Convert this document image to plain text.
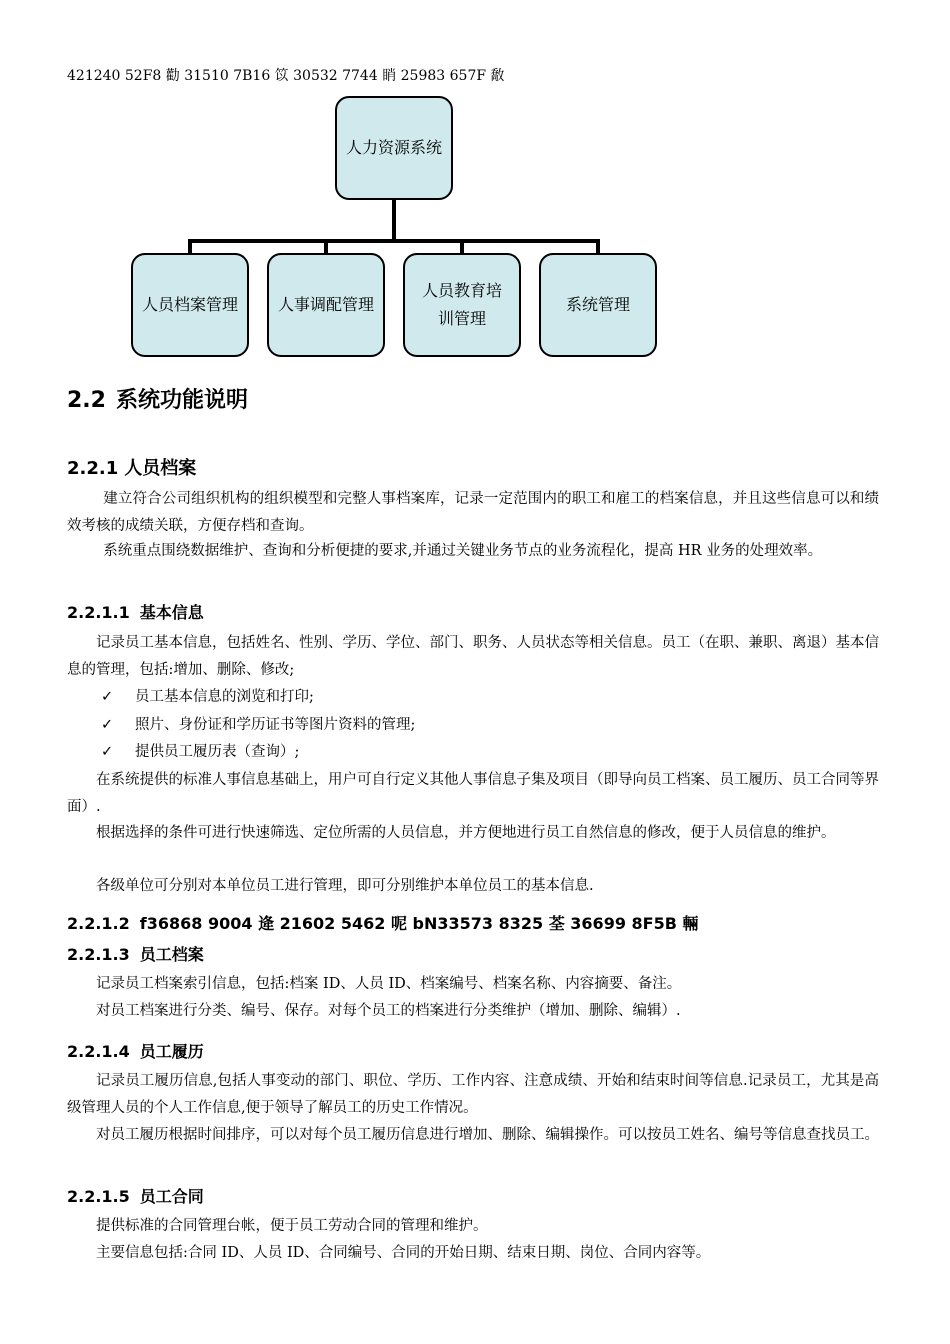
421240 52F8 勸 31510 7B16 笖 30532 7744 睄 25983 657F 敿
人力资源系统
人员档案管理	人事调配管理
人员教育培训管理
系统管理
2.2 系统功能说明
2.2.1 人员档案
建立符合公司组织机构的组织模型和完整人事档案库，记录一定范围内的职工和雇工的档案信息，并且这些信息可以和绩效考核的成绩关联，方便存档和查询。
系统重点围绕数据维护、查询和分析便捷的要求,并通过关键业务节点的业务流程化，提高 HR 业务的处理效率。
2.2.1.1 基本信息
记录员工基本信息，包括姓名、性别、学历、学位、部门、职务、人员状态等相关信息。员工（在职、兼职、离退）基本信息的管理，包括:增加、删除、修改;
✓ 员工基本信息的浏览和打印;
✓ 照片、身份证和学历证书等图片资料的管理;
✓ 提供员工履历表（查询）;
在系统提供的标准人事信息基础上，用户可自行定义其他人事信息子集及项目（即导向员工档案、员工履历、员工合同等界面）.
根据选择的条件可进行快速筛选、定位所需的人员信息，并方便地进行员工自然信息的修改，便于人员信息的维护。
各级单位可分别对本单位员工进行管理，即可分别维护本单位员工的基本信息.
2.2.1.2 f36868 9004 逄 21602 5462 呢 bN33573 8325 荃 36699 8F5B 輛
2.2.1.3 员工档案
记录员工档案索引信息，包括:档案 ID、人员 ID、档案编号、档案名称、内容摘要、备注。
对员工档案进行分类、编号、保存。对每个员工的档案进行分类维护（增加、删除、编辑）.
2.2.1.4 员工履历
记录员工履历信息,包括人事变动的部门、职位、学历、工作内容、注意成绩、开始和结束时间等信息.记录员工，尤其是高级管理人员的个人工作信息,便于领导了解员工的历史工作情况。
对员工履历根据时间排序，可以对每个员工履历信息进行增加、删除、编辑操作。可以按员工姓名、编号等信息查找员工。
2.2.1.5 员工合同
提供标准的合同管理台帐，便于员工劳动合同的管理和维护。
主要信息包括:合同 ID、人员 ID、合同编号、合同的开始日期、结束日期、岗位、合同内容等。
